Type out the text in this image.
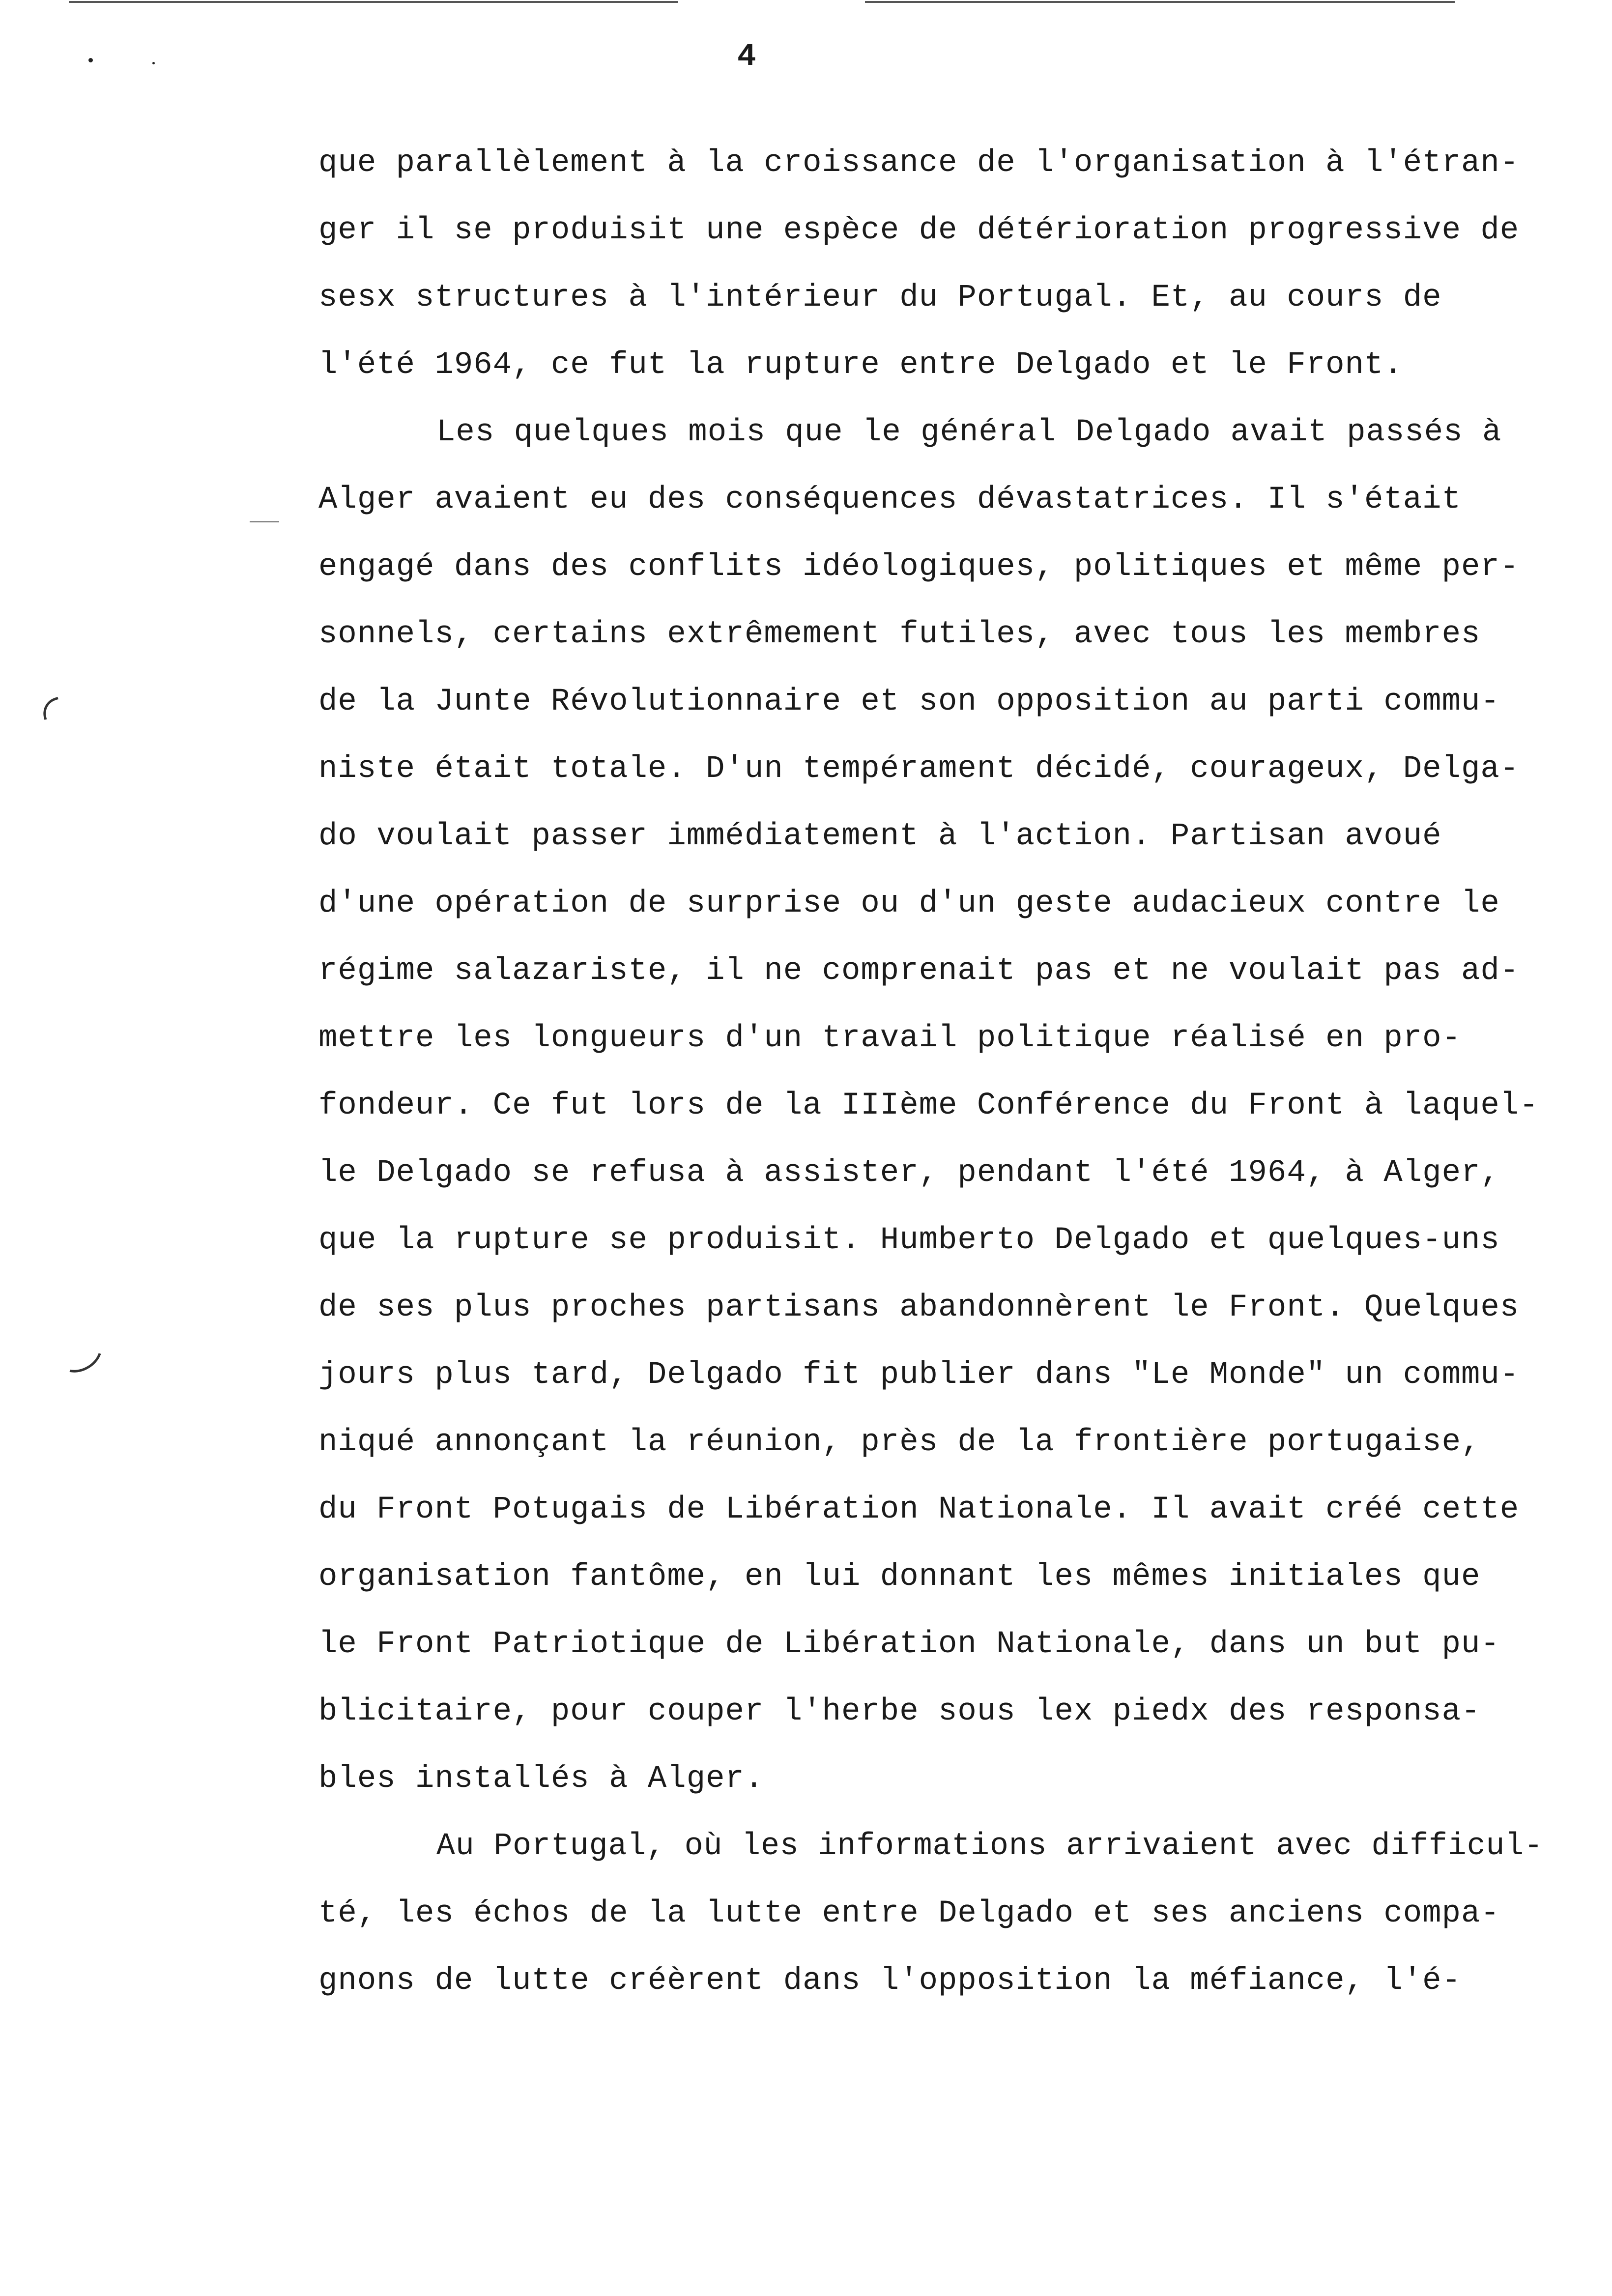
4
que parallèlement à la croissance de l'organisation à l'étran-
ger il se produisit une espèce de détérioration progressive de
sesx structures à l'intérieur du Portugal. Et, au cours de
l'été 1964, ce fut la rupture entre Delgado et le Front.
Les quelques mois que le général Delgado avait passés à
Alger avaient eu des conséquences dévastatrices. Il s'était
engagé dans des conflits idéologiques, politiques et même per-
sonnels, certains extrêmement futiles, avec tous les membres
de la Junte Révolutionnaire et son opposition au parti commu-
niste était totale. D'un tempérament décidé, courageux, Delga-
do voulait passer immédiatement à l'action. Partisan avoué
d'une opération de surprise ou d'un geste audacieux contre le
régime salazariste, il ne comprenait pas et ne voulait pas ad-
mettre les longueurs d'un travail politique réalisé en pro-
fondeur. Ce fut lors de la IIIème Conférence du Front à laquel-
le Delgado se refusa à assister, pendant l'été 1964, à Alger,
que la rupture se produisit. Humberto Delgado et quelques-uns
de ses plus proches partisans abandonnèrent le Front. Quelques
jours plus tard, Delgado fit publier dans "Le Monde" un commu-
niqué annonçant la réunion, près de la frontière portugaise,
du Front Potugais de Libération Nationale. Il avait créé cette
organisation fantôme, en lui donnant les mêmes initiales que
le Front Patriotique de Libération Nationale, dans un but pu-
blicitaire, pour couper l'herbe sous lex piedx des responsa-
bles installés à Alger.
Au Portugal, où les informations arrivaient avec difficul-
té, les échos de la lutte entre Delgado et ses anciens compa-
gnons de lutte créèrent dans l'opposition la méfiance, l'é-
